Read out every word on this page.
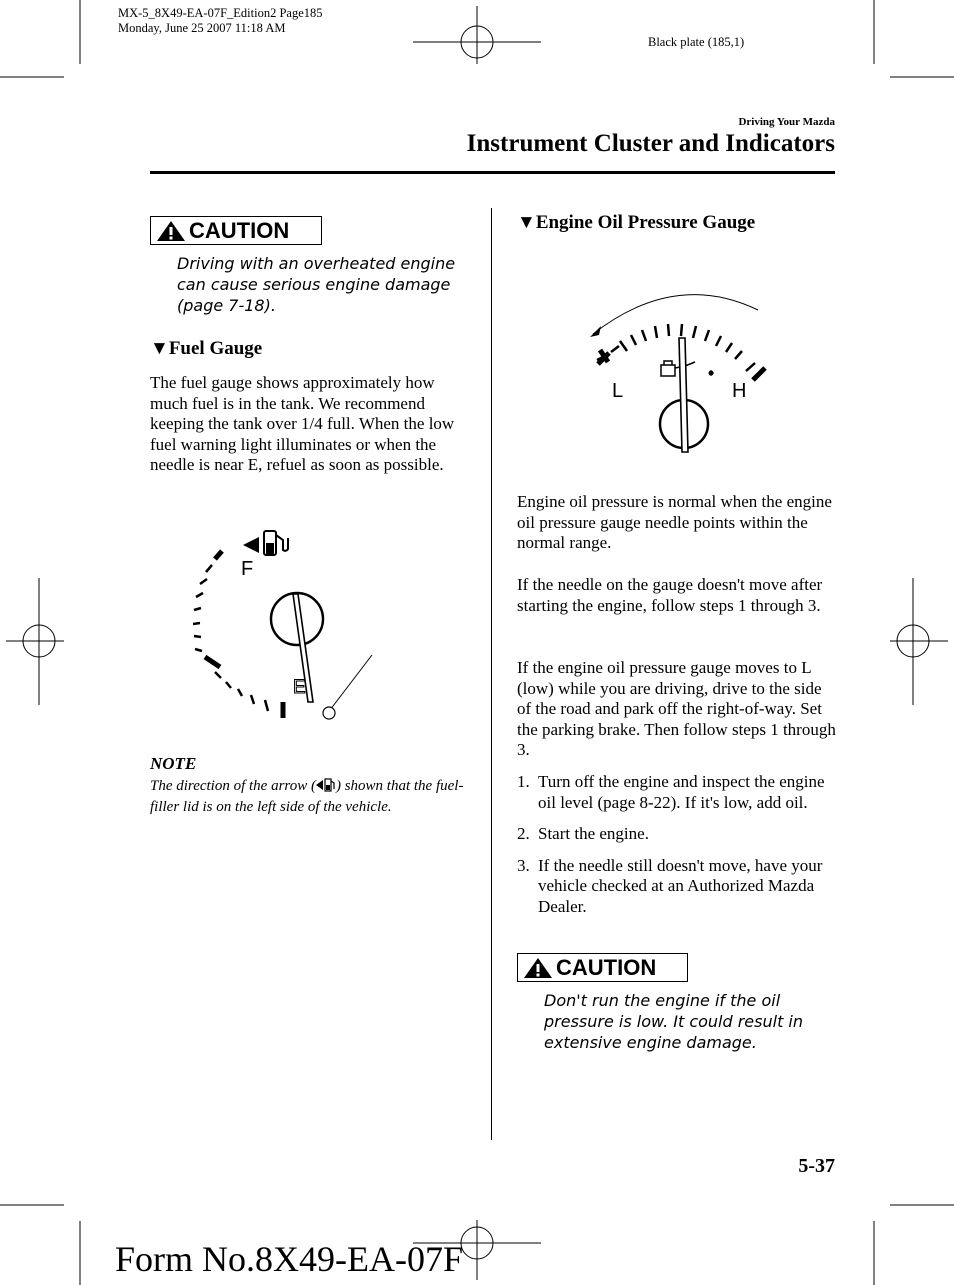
MX-5_8X49-EA-07F_Edition2 Page185
Monday, June 25 2007 11:18 AM
Black plate (185,1)
Driving Your Mazda
Instrument Cluster and Indicators
CAUTION
Driving with an overheated engine can cause serious engine damage (page 7-18).
▼Fuel Gauge
The fuel gauge shows approximately how much fuel is in the tank. We recommend keeping the tank over 1/4 full. When the low fuel warning light illuminates or when the needle is near E, refuel as soon as possible.
F
E
NOTE
The direction of the arrow ( ) shown that the fuel-filler lid is on the left side of the vehicle.
▼Engine Oil Pressure Gauge
L	H
Engine oil pressure is normal when the engine oil pressure gauge needle points within the normal range.
If the needle on the gauge doesn't move after starting the engine, follow steps 1 through 3.
If the engine oil pressure gauge moves to L (low) while you are driving, drive to the side of the road and park off the right-of-way. Set the parking brake. Then follow steps 1 through 3.
1. Turn off the engine and inspect the engine oil level (page 8-22). If it's low, add oil.
2. Start the engine.
3. If the needle still doesn't move, have your vehicle checked at an Authorized Mazda Dealer.
CAUTION
Don't run the engine if the oil pressure is low. It could result in extensive engine damage.
5-37
Form No.8X49-EA-07F
